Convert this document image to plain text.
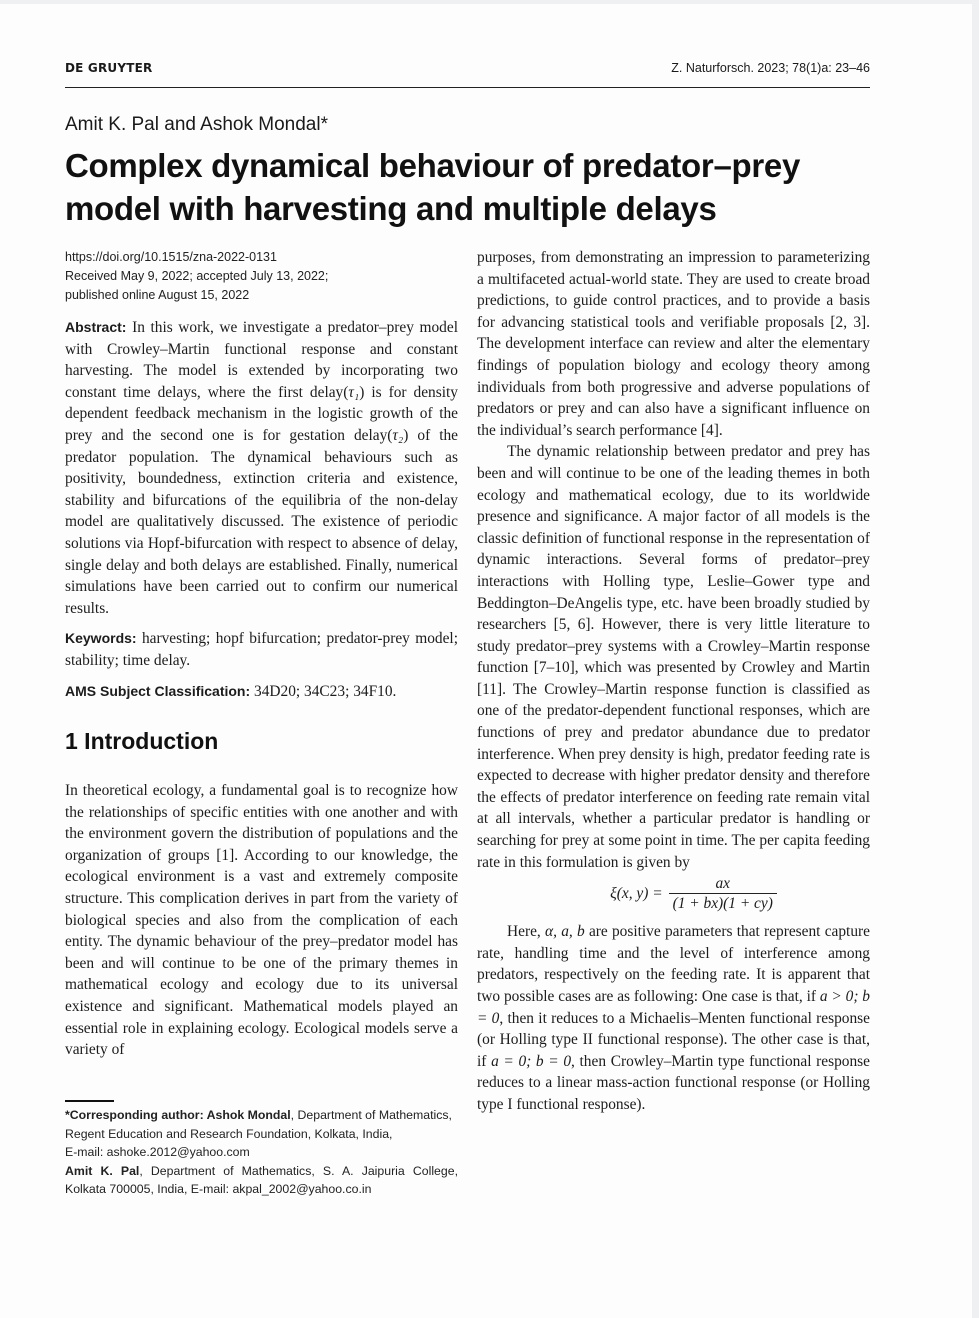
DE GRUYTER	Z. Naturforsch. 2023; 78(1)a: 23–46
Amit K. Pal and Ashok Mondal*
Complex dynamical behaviour of predator–prey
model with harvesting and multiple delays
https://doi.org/10.1515/zna-2022-0131
Received May 9, 2022; accepted July 13, 2022;
published online August 15, 2022

Abstract: In this work, we investigate a predator–prey model with Crowley–Martin functional response and constant harvesting. The model is extended by incorporating two constant time delays, where the first delay(τ₁) is for density dependent feedback mechanism in the logistic growth of the prey and the second one is for gestation delay(τ₂) of the predator population. The dynamical behaviours such as positivity, boundedness, extinction criteria and existence, stability and bifurcations of the equilibria of the non-delay model are qualitatively discussed. The existence of periodic solutions via Hopf-bifurcation with respect to absence of delay, single delay and both delays are established. Finally, numerical simulations have been carried out to confirm our numerical results.

Keywords: harvesting; hopf bifurcation; predator-prey model; stability; time delay.

AMS Subject Classification: 34D20; 34C23; 34F10.

1 Introduction

In theoretical ecology, a fundamental goal is to recognize how the relationships of specific entities with one another and with the environment govern the distribution of populations and the organization of groups [1]. According to our knowledge, the ecological environment is a vast and extremely composite structure. This complication derives in part from the variety of biological species and also from the complication of each entity. The dynamic behaviour of the prey–predator model has been and will continue to be one of the primary themes in mathematical ecology and ecology due to its universal existence and significant. Mathematical models played an essential role in explaining ecology. Ecological models serve a variety of

*Corresponding author: Ashok Mondal, Department of Mathematics, Regent Education and Research Foundation, Kolkata, India,
E-mail: ashoke.2012@yahoo.com
Amit K. Pal, Department of Mathematics, S. A. Jaipuria College, Kolkata 700005, India, E-mail: akpal_2002@yahoo.co.in

purposes, from demonstrating an impression to parameterizing a multifaceted actual-world state. They are used to create broad predictions, to guide control practices, and to provide a basis for advancing statistical tools and verifiable proposals [2, 3]. The development interface can review and alter the elementary findings of population biology and ecology theory among individuals from both progressive and adverse populations of predators or prey and can also have a significant influence on the individual’s search performance [4].

The dynamic relationship between predator and prey has been and will continue to be one of the leading themes in both ecology and mathematical ecology, due to its worldwide presence and significance. A major factor of all models is the classic definition of functional response in the representation of dynamic interactions. Several forms of predator–prey interactions with Holling type, Leslie–Gower type and Beddington–DeAngelis type, etc. have been broadly studied by researchers [5, 6]. However, there is very little literature to study predator–prey systems with a Crowley–Martin response function [7–10], which was presented by Crowley and Martin [11]. The Crowley–Martin response function is classified as one of the predator-dependent functional responses, which are functions of prey and predator abundance due to predator interference. When prey density is high, predator feeding rate is expected to decrease with higher predator density and therefore the effects of predator interference on feeding rate remain vital at all intervals, whether a particular predator is handling or searching for prey at some point in time. The per capita feeding rate in this formulation is given by

ξ(x, $y) = \frac{ax}{(1 + bx)(1 + cy)}$

Here, α, a, b are positive parameters that represent capture rate, handling time and the level of interference among predators, respectively on the feeding rate. It is apparent that two possible cases are as following: One case is that, if a > 0; b = 0, then it reduces to a Michaelis–Menten functional response (or Holling type II functional response). The other case is that, if a = 0; b = 0, then Crowley–Martin type functional response reduces to a linear mass-action functional response (or Holling type I functional response).
